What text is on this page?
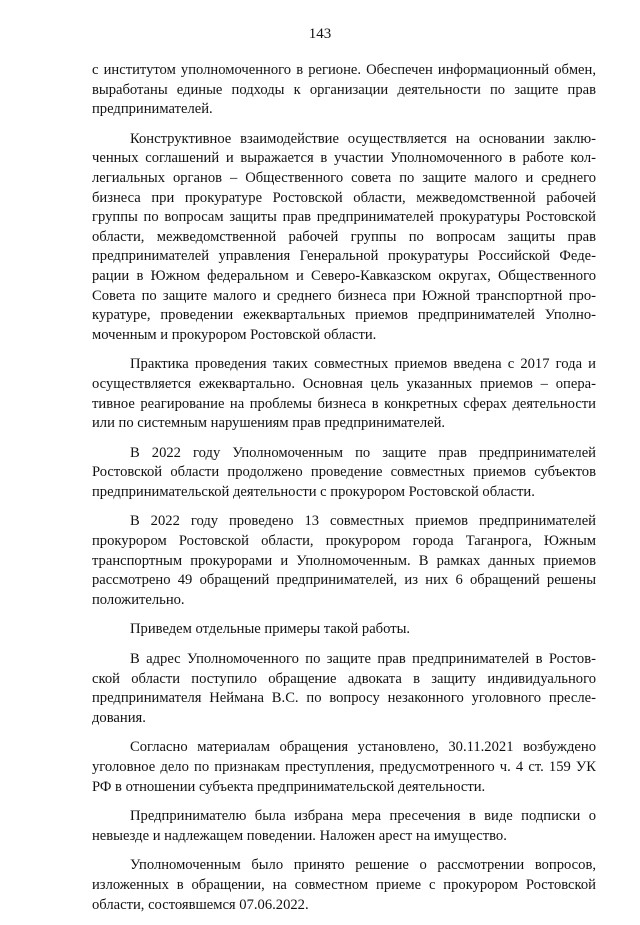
143

с институтом уполномоченного в регионе. Обеспечен информационный обмен, выработаны единые подходы к организации деятельности по защите прав предпринимателей.

Конструктивное взаимодействие осуществляется на основании заключенных соглашений и выражается в участии Уполномоченного в работе коллегиальных органов – Общественного совета по защите малого и среднего бизнеса при прокуратуре Ростовской области, межведомственной рабочей группы по вопросам защиты прав предпринимателей прокуратуры Ростовской области, межведомственной рабочей группы по вопросам защиты прав предпринимателей управления Генеральной прокуратуры Российской Федерации в Южном федеральном и Северо-Кавказском округах, Общественного Совета по защите малого и среднего бизнеса при Южной транспортной прокуратуре, проведении ежеквартальных приемов предпринимателей Уполномоченным и прокурором Ростовской области.

Практика проведения таких совместных приемов введена с 2017 года и осуществляется ежеквартально. Основная цель указанных приемов – оперативное реагирование на проблемы бизнеса в конкретных сферах деятельности или по системным нарушениям прав предпринимателей.

В 2022 году Уполномоченным по защите прав предпринимателей Ростовской области продолжено проведение совместных приемов субъектов предпринимательской деятельности с прокурором Ростовской области.

В 2022 году проведено 13 совместных приемов предпринимателей прокурором Ростовской области, прокурором города Таганрога, Южным транспортным прокурорами и Уполномоченным. В рамках данных приемов рассмотрено 49 обращений предпринимателей, из них 6 обращений решены положительно.

Приведем отдельные примеры такой работы.

В адрес Уполномоченного по защите прав предпринимателей в Ростовской области поступило обращение адвоката в защиту индивидуального предпринимателя Неймана В.С. по вопросу незаконного уголовного преследования.

Согласно материалам обращения установлено, 30.11.2021 возбуждено уголовное дело по признакам преступления, предусмотренного ч. 4 ст. 159 УК РФ в отношении субъекта предпринимательской деятельности.

Предпринимателю была избрана мера пресечения в виде подписки о невыезде и надлежащем поведении. Наложен арест на имущество.

Уполномоченным было принято решение о рассмотрении вопросов, изложенных в обращении, на совместном приеме с прокурором Ростовской области, состоявшемся 07.06.2022.
